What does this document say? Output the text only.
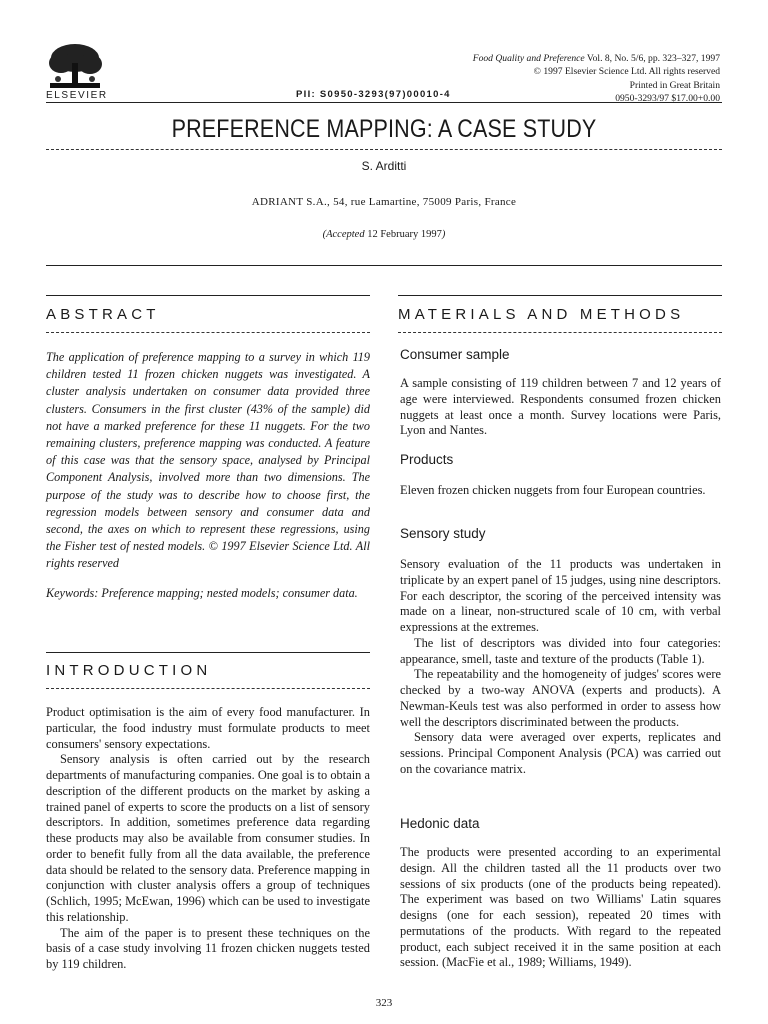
ELSEVIER	PII: S0950-3293(97)00010-4
Food Quality and Preference Vol. 8, No. 5/6, pp. 323–327, 1997
© 1997 Elsevier Science Ltd. All rights reserved
Printed in Great Britain
0950-3293/97 $17.00+0.00
PREFERENCE MAPPING: A CASE STUDY
S. Arditti
ADRIANT S.A., 54, rue Lamartine, 75009 Paris, France
(Accepted 12 February 1997)
ABSTRACT

The application of preference mapping to a survey in which 119 children tested 11 frozen chicken nuggets was investigated. A cluster analysis undertaken on consumer data provided three clusters. Consumers in the first cluster (43% of the sample) did not have a marked preference for these 11 nuggets. For the two remaining clusters, preference mapping was conducted. A feature of this case was that the sensory space, analysed by Principal Component Analysis, involved more than two dimensions. The purpose of the study was to describe how to choose first, the regression models between sensory and consumer data and second, the axes on which to represent these regressions, using the Fisher test of nested models. © 1997 Elsevier Science Ltd. All rights reserved

Keywords: Preference mapping; nested models; consumer data.

INTRODUCTION

Product optimisation is the aim of every food manufacturer. In particular, the food industry must formulate products to meet consumers' sensory expectations.

Sensory analysis is often carried out by the research departments of manufacturing companies. One goal is to obtain a description of the different products on the market by asking a trained panel of experts to score the products on a list of sensory descriptors. In addition, sometimes preference data regarding these products may also be available from consumer studies. In order to benefit fully from all the data available, the preference data should be related to the sensory data. Preference mapping in conjunction with cluster analysis offers a group of techniques (Schlich, 1995; McEwan, 1996) which can be used to investigate this relationship.

The aim of the paper is to present these techniques on the basis of a case study involving 11 frozen chicken nuggets tested by 119 children.

MATERIALS AND METHODS
Consumer sample

A sample consisting of 119 children between 7 and 12 years of age were interviewed. Respondents consumed frozen chicken nuggets at least once a month. Survey locations were Paris, Lyon and Nantes.

Products

Eleven frozen chicken nuggets from four European countries.

Sensory study

Sensory evaluation of the 11 products was undertaken in triplicate by an expert panel of 15 judges, using nine descriptors. For each descriptor, the scoring of the perceived intensity was made on a linear, non-structured scale of 10 cm, with verbal expressions at the extremes.

The list of descriptors was divided into four categories: appearance, smell, taste and texture of the products (Table 1).

The repeatability and the homogeneity of judges' scores were checked by a two-way ANOVA (experts and products). A Newman-Keuls test was also performed in order to assess how well the descriptors discriminated between the products.

Sensory data were averaged over experts, replicates and sessions. Principal Component Analysis (PCA) was carried out on the covariance matrix.

Hedonic data

The products were presented according to an experimental design. All the children tasted all the 11 products over two sessions of six products (one of the products being repeated). The experiment was based on two Williams' Latin squares designs (one for each session), repeated 20 times with permutations of the products. With regard to the repeated product, each subject received it in the same position at each session. (MacFie et al., 1989; Williams, 1949).

323
